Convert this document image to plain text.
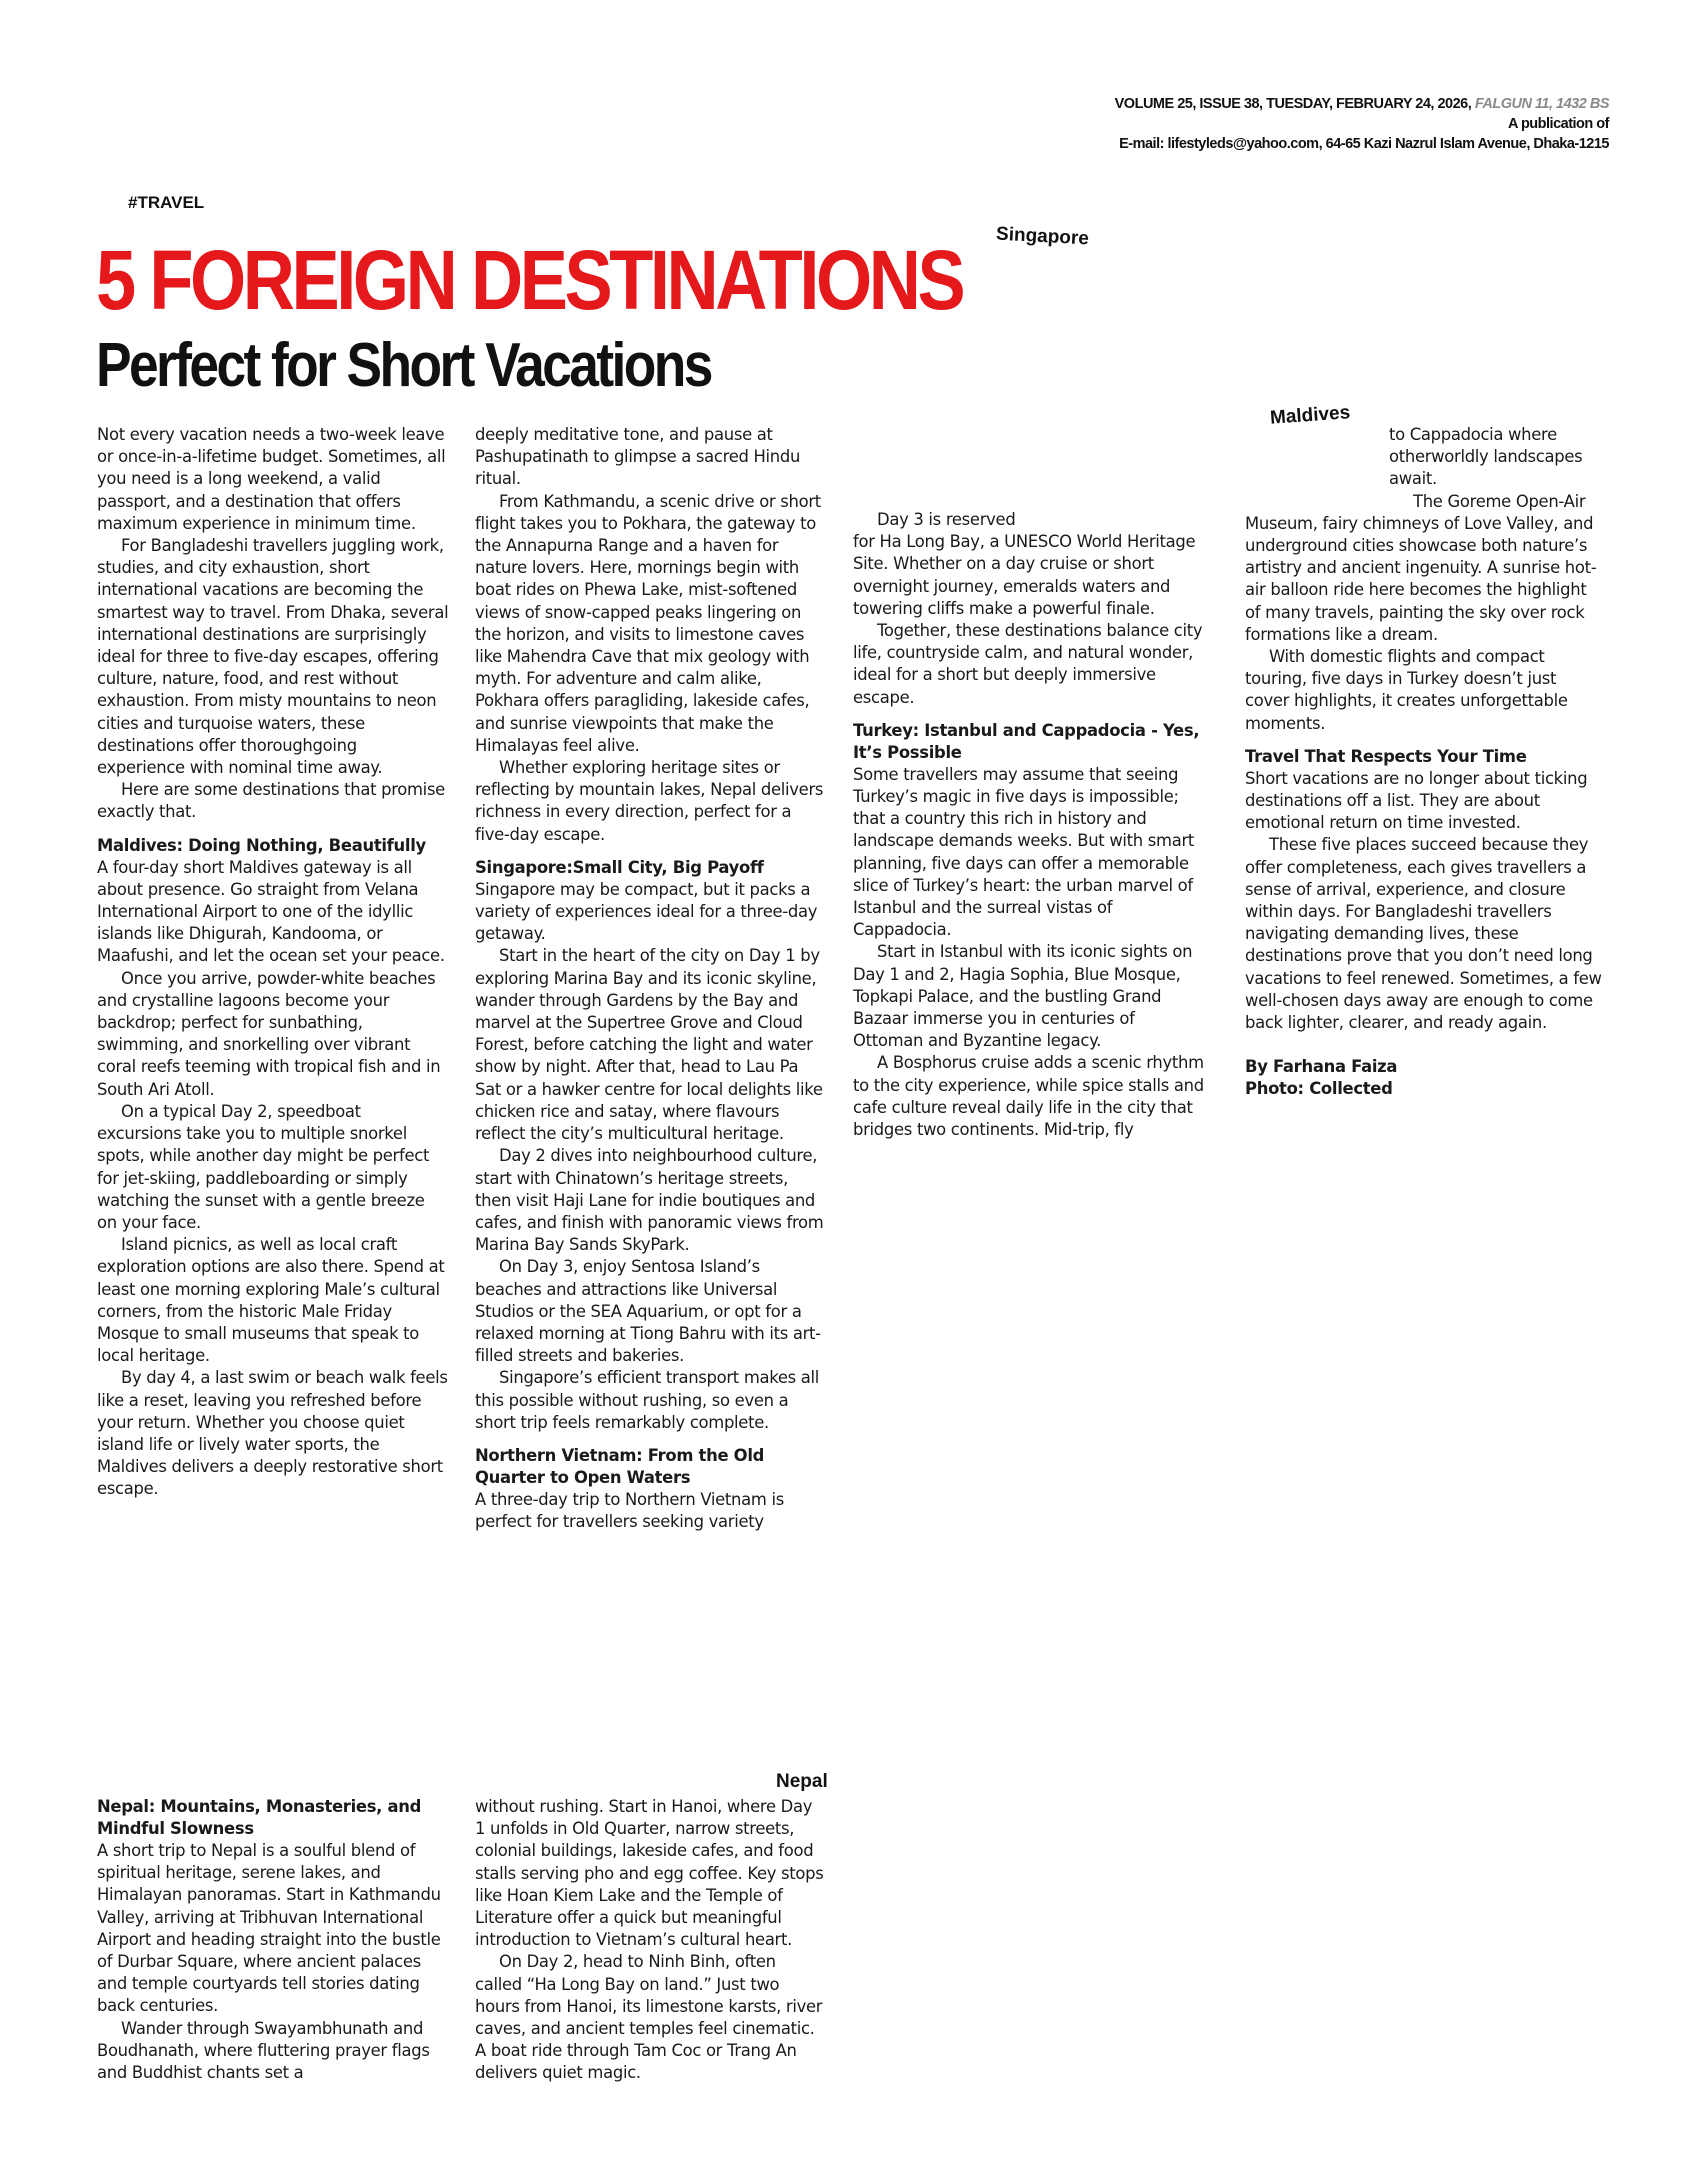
VOLUME 25, ISSUE 38, TUESDAY, FEBRUARY 24, 2026, FALGUN 11, 1432 BS
A publication of
E-mail: lifestyleds@yahoo.com, 64-65 Kazi Nazrul Islam Avenue, Dhaka-1215
#TRAVEL
5 FOREIGN DESTINATIONS
Perfect for Short Vacations
Singapore
Maldives
Nepal

Not every vacation needs a two-week leave or once-in-a-lifetime budget. Sometimes, all you need is a long weekend, a valid passport, and a destination that offers maximum experience in minimum time.

For Bangladeshi travellers juggling work, studies, and city exhaustion, short international vacations are becoming the smartest way to travel. From Dhaka, several international destinations are surprisingly ideal for three to five-day escapes, offering culture, nature, food, and rest without exhaustion. From misty mountains to neon cities and turquoise waters, these destinations offer thoroughgoing experience with nominal time away.

Here are some destinations that promise exactly that.

Maldives: Doing Nothing, Beautifully

A four-day short Maldives gateway is all about presence. Go straight from Velana International Airport to one of the idyllic islands like Dhigurah, Kandooma, or Maafushi, and let the ocean set your peace.

Once you arrive, powder-white beaches and crystalline lagoons become your backdrop; perfect for sunbathing, swimming, and snorkelling over vibrant coral reefs teeming with tropical fish and in South Ari Atoll.

On a typical Day 2, speedboat excursions take you to multiple snorkel spots, while another day might be perfect for jet-skiing, paddleboarding or simply watching the sunset with a gentle breeze on your face.

Island picnics, as well as local craft exploration options are also there. Spend at least one morning exploring Male’s cultural corners, from the historic Male Friday Mosque to small museums that speak to local heritage.

By day 4, a last swim or beach walk feels like a reset, leaving you refreshed before your return. Whether you choose quiet island life or lively water sports, the Maldives delivers a deeply restorative short escape.

deeply meditative tone, and pause at Pashupatinath to glimpse a sacred Hindu ritual.

From Kathmandu, a scenic drive or short flight takes you to Pokhara, the gateway to the Annapurna Range and a haven for nature lovers. Here, mornings begin with boat rides on Phewa Lake, mist-softened views of snow-capped peaks lingering on the horizon, and visits to limestone caves like Mahendra Cave that mix geology with myth. For adventure and calm alike, Pokhara offers paragliding, lakeside cafes, and sunrise viewpoints that make the Himalayas feel alive.

Whether exploring heritage sites or reflecting by mountain lakes, Nepal delivers richness in every direction, perfect for a five-day escape.

Singapore:Small City, Big Payoff

Singapore may be compact, but it packs a variety of experiences ideal for a three-day getaway.

Start in the heart of the city on Day 1 by exploring Marina Bay and its iconic skyline, wander through Gardens by the Bay and marvel at the Supertree Grove and Cloud Forest, before catching the light and water show by night. After that, head to Lau Pa Sat or a hawker centre for local delights like chicken rice and satay, where flavours reflect the city’s multicultural heritage.

Day 2 dives into neighbourhood culture, start with Chinatown’s heritage streets, then visit Haji Lane for indie boutiques and cafes, and finish with panoramic views from Marina Bay Sands SkyPark.

On Day 3, enjoy Sentosa Island’s beaches and attractions like Universal Studios or the SEA Aquarium, or opt for a relaxed morning at Tiong Bahru with its art-filled streets and bakeries.

Singapore’s efficient transport makes all this possible without rushing, so even a short trip feels remarkably complete.

Northern Vietnam: From the Old Quarter to Open Waters

A three-day trip to Northern Vietnam is perfect for travellers seeking variety

Day 3 is reserved
for Ha Long Bay, a UNESCO World Heritage Site. Whether on a day cruise or short overnight journey, emeralds waters and towering cliffs make a powerful finale.

Together, these destinations balance city life, countryside calm, and natural wonder, ideal for a short but deeply immersive escape.

Turkey: Istanbul and Cappadocia - Yes, It’s Possible

Some travellers may assume that seeing Turkey’s magic in five days is impossible; that a country this rich in history and landscape demands weeks. But with smart planning, five days can offer a memorable slice of Turkey’s heart: the urban marvel of Istanbul and the surreal vistas of Cappadocia.

Start in Istanbul with its iconic sights on Day 1 and 2, Hagia Sophia, Blue Mosque, Topkapi Palace, and the bustling Grand Bazaar immerse you in centuries of Ottoman and Byzantine legacy.

A Bosphorus cruise adds a scenic rhythm to the city experience, while spice stalls and cafe culture reveal daily life in the city that bridges two continents. Mid-trip, fly

to Cappadocia where otherworldly landscapes await.

The Goreme Open-Air Museum, fairy chimneys of Love Valley, and underground cities showcase both nature’s artistry and ancient ingenuity. A sunrise hot-air balloon ride here becomes the highlight of many travels, painting the sky over rock formations like a dream.

With domestic flights and compact touring, five days in Turkey doesn’t just cover highlights, it creates unforgettable moments.

Travel That Respects Your Time

Short vacations are no longer about ticking destinations off a list. They are about emotional return on time invested.

These five places succeed because they offer completeness, each gives travellers a sense of arrival, experience, and closure within days. For Bangladeshi travellers navigating demanding lives, these destinations prove that you don’t need long vacations to feel renewed. Sometimes, a few well-chosen days away are enough to come back lighter, clearer, and ready again.

By Farhana Faiza
Photo: Collected
Nepal: Mountains, Monasteries, and Mindful Slowness

A short trip to Nepal is a soulful blend of spiritual heritage, serene lakes, and Himalayan panoramas. Start in Kathmandu Valley, arriving at Tribhuvan International Airport and heading straight into the bustle of Durbar Square, where ancient palaces and temple courtyards tell stories dating back centuries.

Wander through Swayambhunath and Boudhanath, where fluttering prayer flags and Buddhist chants set a

without rushing. Start in Hanoi, where Day 1 unfolds in Old Quarter, narrow streets, colonial buildings, lakeside cafes, and food stalls serving pho and egg coffee. Key stops like Hoan Kiem Lake and the Temple of Literature offer a quick but meaningful introduction to Vietnam’s cultural heart.

On Day 2, head to Ninh Binh, often called “Ha Long Bay on land.” Just two hours from Hanoi, its limestone karsts, river caves, and ancient temples feel cinematic. A boat ride through Tam Coc or Trang An delivers quiet magic.
